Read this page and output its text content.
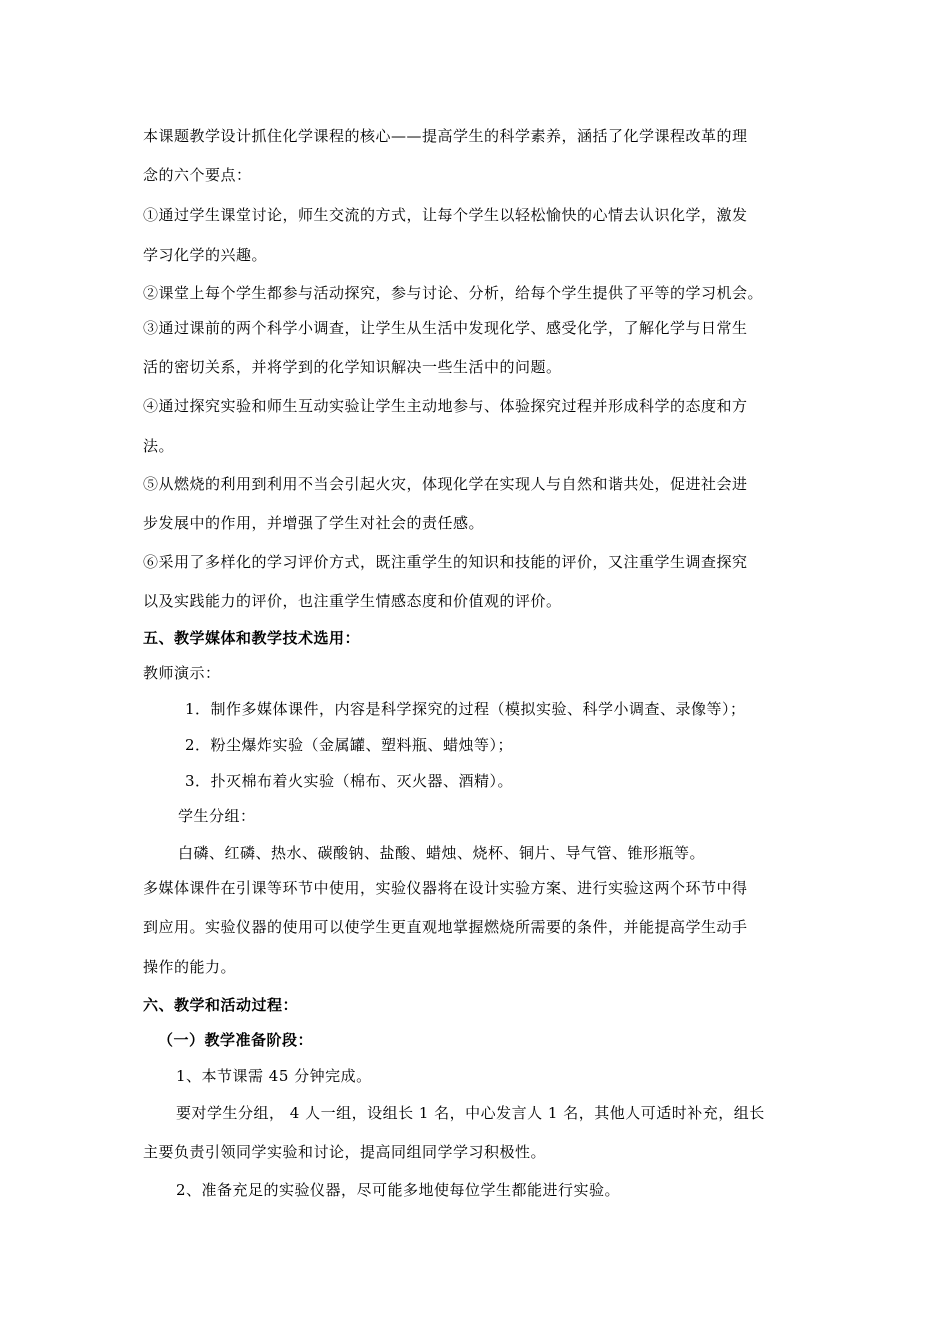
本课题教学设计抓住化学课程的核心——提高学生的科学素养，涵括了化学课程改革的理
念的六个要点：
①通过学生课堂讨论，师生交流的方式，让每个学生以轻松愉快的心情去认识化学，激发
学习化学的兴趣。
②课堂上每个学生都参与活动探究，参与讨论、分析，给每个学生提供了平等的学习机会。
③通过课前的两个科学小调查，让学生从生活中发现化学、感受化学，了解化学与日常生
活的密切关系，并将学到的化学知识解决一些生活中的问题。
④通过探究实验和师生互动实验让学生主动地参与、体验探究过程并形成科学的态度和方
法。
⑤从燃烧的利用到利用不当会引起火灾，体现化学在实现人与自然和谐共处，促进社会进
步发展中的作用，并增强了学生对社会的责任感。
⑥采用了多样化的学习评价方式，既注重学生的知识和技能的评价，又注重学生调查探究
以及实践能力的评价，也注重学生情感态度和价值观的评价。
五、教学媒体和教学技术选用：
教师演示：
1．制作多媒体课件，内容是科学探究的过程（模拟实验、科学小调查、录像等）；
2．粉尘爆炸实验（金属罐、塑料瓶、蜡烛等）；
3．扑灭棉布着火实验（棉布、灭火器、酒精）。
学生分组：
白磷、红磷、热水、碳酸钠、盐酸、蜡烛、烧杯、铜片、导气管、锥形瓶等。
多媒体课件在引课等环节中使用，实验仪器将在设计实验方案、进行实验这两个环节中得
到应用。实验仪器的使用可以使学生更直观地掌握燃烧所需要的条件，并能提高学生动手
操作的能力。
六、教学和活动过程：
（一）教学准备阶段：
1、本节课需 45 分钟完成。
要对学生分组， 4 人一组，设组长 1 名，中心发言人 1 名，其他人可适时补充，组长
主要负责引领同学实验和讨论，提高同组同学学习积极性。
2、准备充足的实验仪器，尽可能多地使每位学生都能进行实验。
